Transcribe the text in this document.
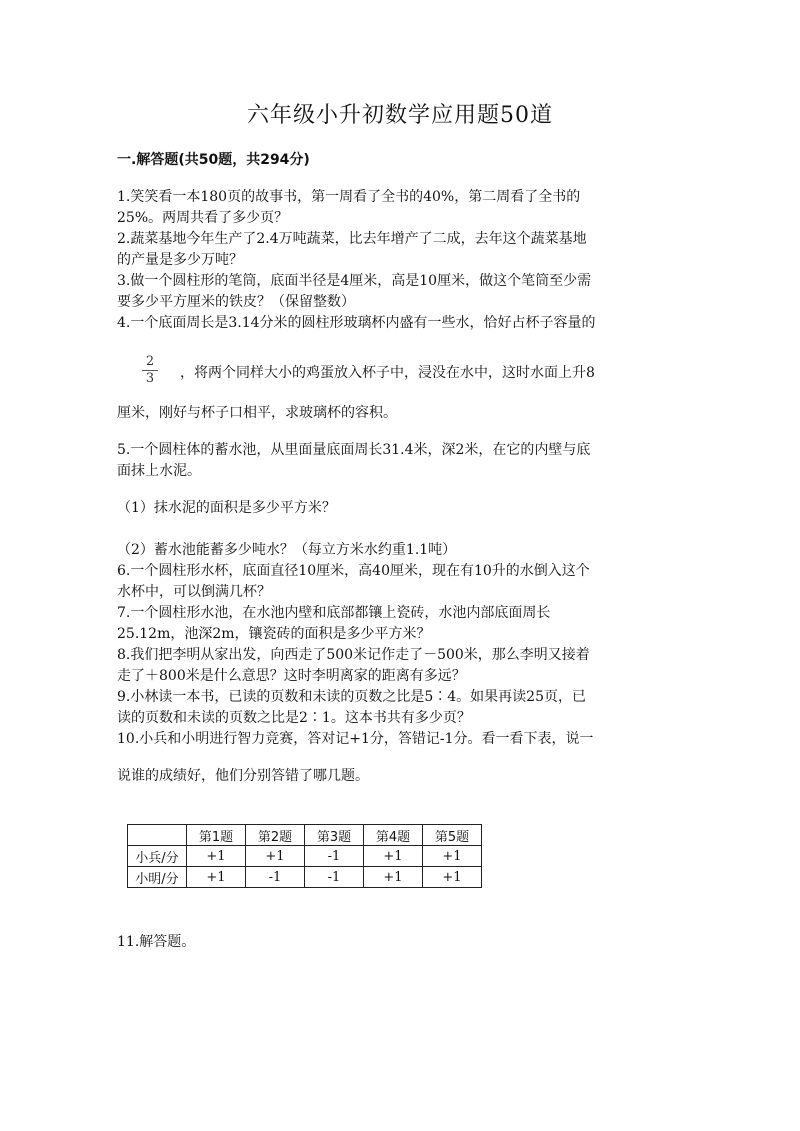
六年级小升初数学应用题50道
一.解答题(共50题，共294分)
1.笑笑看一本180页的故事书，第一周看了全书的40%，第二周看了全书的
25%。两周共看了多少页？
2.蔬菜基地今年生产了2.4万吨蔬菜，比去年增产了二成，去年这个蔬菜基地
的产量是多少万吨？
3.做一个圆柱形的笔筒，底面半径是4厘米，高是10厘米，做这个笔筒至少需
要多少平方厘米的铁皮？（保留整数）
4.一个底面周长是3.14分米的圆柱形玻璃杯内盛有一些水，恰好占杯子容量的
2
3	，将两个同样大小的鸡蛋放入杯子中，浸没在水中，这时水面上升8
厘米，刚好与杯子口相平，求玻璃杯的容积。
5.一个圆柱体的蓄水池，从里面量底面周长31.4米，深2米，在它的内壁与底
面抹上水泥。
（1）抹水泥的面积是多少平方米？
（2）蓄水池能蓄多少吨水？（每立方米水约重1.1吨）
6.一个圆柱形水杯，底面直径10厘米，高40厘米，现在有10升的水倒入这个
水杯中，可以倒满几杯？
7.一个圆柱形水池，在水池内壁和底部都镶上瓷砖，水池内部底面周长
25.12m，池深2m，镶瓷砖的面积是多少平方米？
8.我们把李明从家出发，向西走了500米记作走了－500米，那么李明又接着
走了＋800米是什么意思？这时李明离家的距离有多远？
9.小林读一本书，已读的页数和未读的页数之比是5∶4。如果再读25页，已
读的页数和未读的页数之比是2∶1。这本书共有多少页？
10.小兵和小明进行智力竞赛，答对记+1分，答错记-1分。看一看下表，说一
说谁的成绩好，他们分别答错了哪几题。
	第1题	第2题	第3题	第4题	第5题
小兵/分	+1	+1	-1	+1	+1
小明/分	+1	-1	-1	+1	+1
11.解答题。
